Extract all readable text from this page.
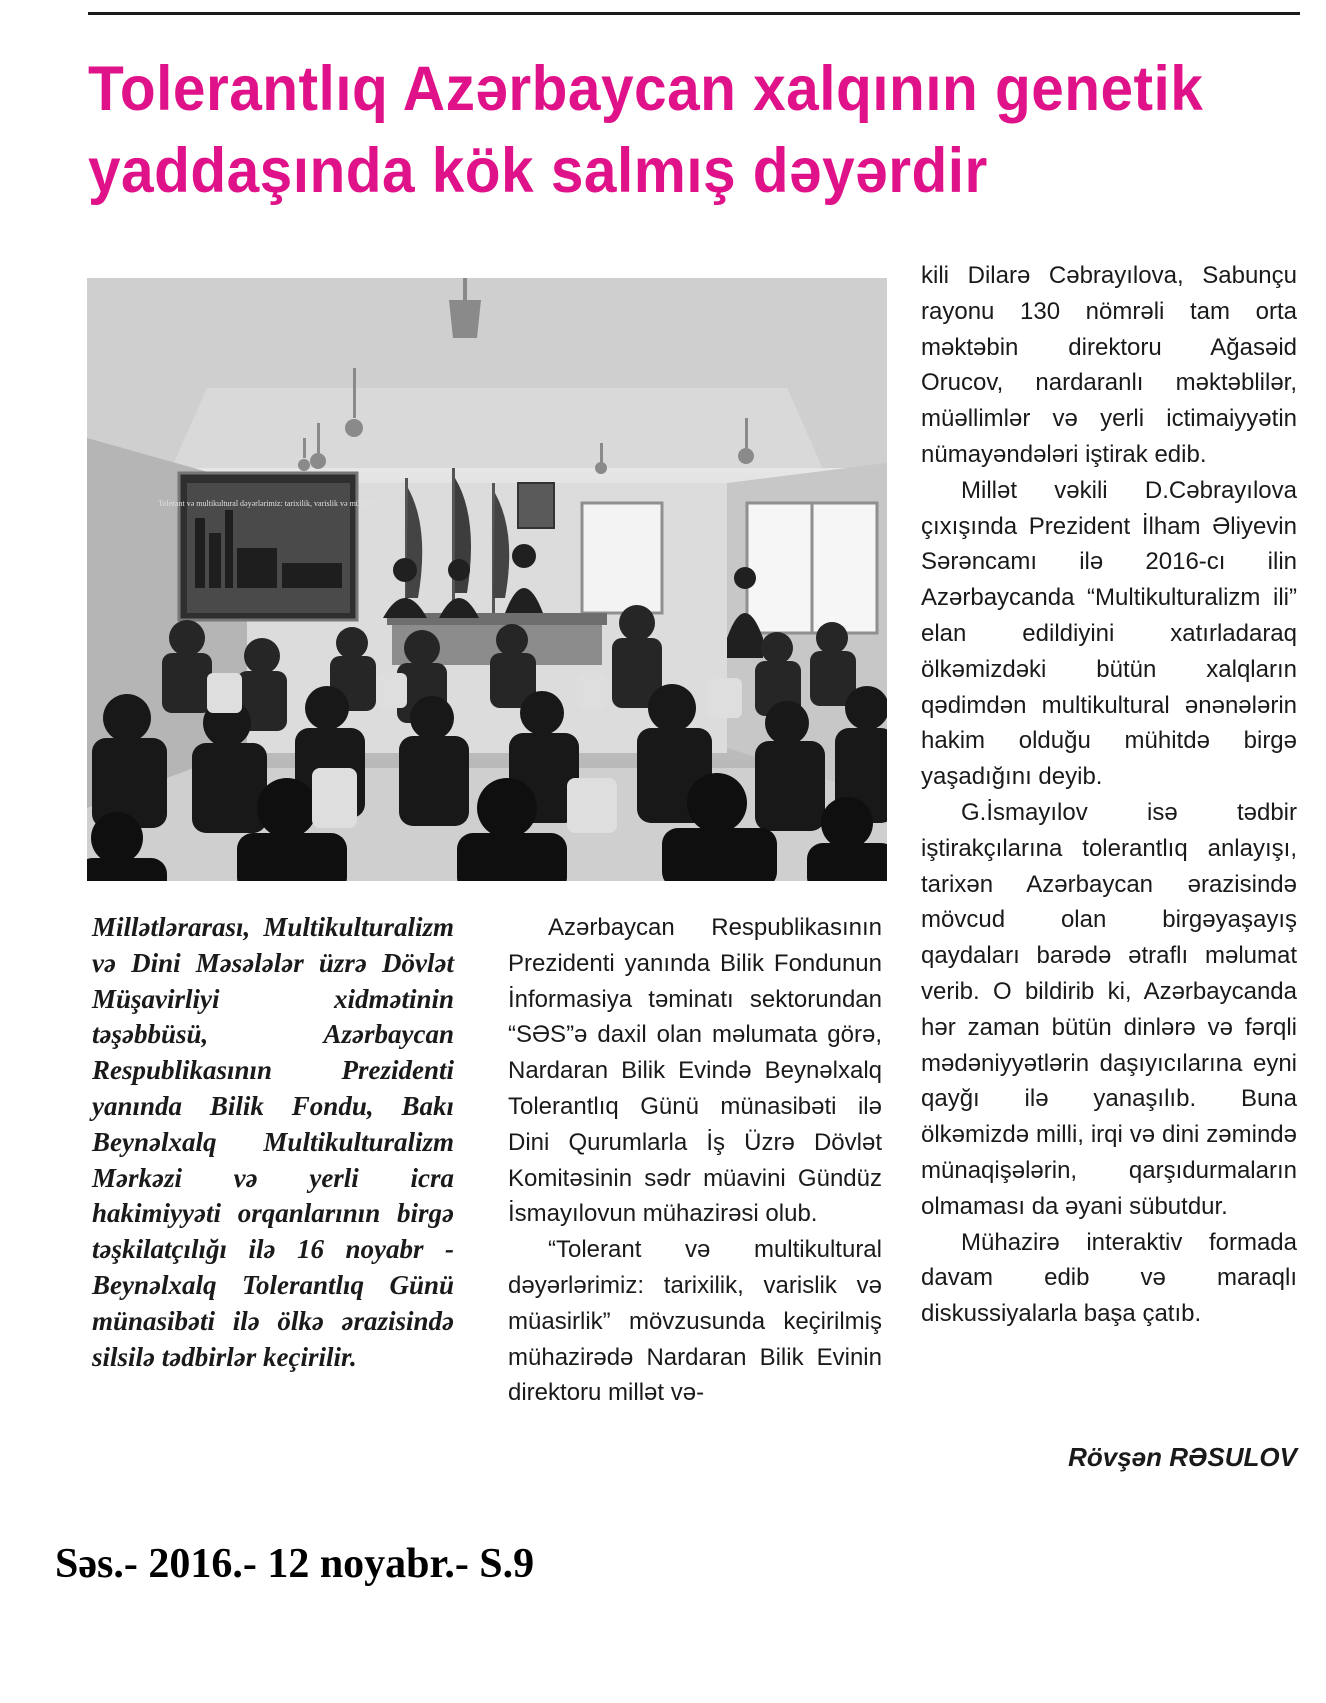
Tolerantlıq Azərbaycan xalqının genetik
yaddaşında kök salmış dəyərdir
Tolerant və multikultural dəyərlərimiz: tarixilik, varislik və müasirlik

Millətlərarası, Multikulturalizm və Dini Məsələlər üzrə Dövlət Müşavirliyi xidmətinin təşəbbüsü, Azərbaycan Respublikasının Prezidenti yanında Bilik Fondu, Bakı Beynəlxalq Multikulturalizm Mərkəzi və yerli icra hakimiyyəti orqanlarının birgə təşkilatçılığı ilə 16 noyabr - Beynəlxalq Tolerantlıq Günü münasibəti ilə ölkə ərazisində silsilə tədbirlər keçirilir.

Azərbaycan Respublikasının Prezidenti yanında Bilik Fondunun İnformasiya təminatı sektorundan “SƏS”ə daxil olan məlumata görə, Nardaran Bilik Evində Beynəlxalq Tolerantlıq Günü münasibəti ilə Dini Qurumlarla İş Üzrə Dövlət Komitəsinin sədr müavini Gündüz İsmayılovun mühazirəsi olub.

“Tolerant və multikultural dəyərlərimiz: tarixilik, varislik və müasirlik” mövzusunda keçirilmiş mühazirədə Nardaran Bilik Evinin direktoru millət və-

kili Dilarə Cəbrayılova, Sabunçu rayonu 130 nömrəli tam orta məktəbin direktoru Ağasəid Orucov, nardaranlı məktəblilər, müəllimlər və yerli ictimaiyyətin nümayəndələri iştirak edib.

Millət vəkili D.Cəbrayılova çıxışında Prezident İlham Əliyevin Sərəncamı ilə 2016-cı ilin Azərbaycanda “Multikulturalizm ili” elan edildiyini xatırladaraq ölkəmizdəki bütün xalqların qədimdən multikultural ənənələrin hakim olduğu mühitdə birgə yaşadığını deyib.

G.İsmayılov isə tədbir iştirakçılarına tolerantlıq anlayışı, tarixən Azərbaycan ərazisində mövcud olan birgəyaşayış qaydaları barədə ətraflı məlumat verib. O bildirib ki, Azərbaycanda hər zaman bütün dinlərə və fərqli mədəniyyətlərin daşıyıcılarına eyni qayğı ilə yanaşılıb. Buna ölkəmizdə milli, irqi və dini zəmində münaqişələrin, qarşıdurmaların olmaması da əyani sübutdur.

Mühazirə interaktiv formada davam edib və maraqlı diskussiyalarla başa çatıb.

Rövşən RƏSULOV
Səs.- 2016.- 12 noyabr.- S.9
